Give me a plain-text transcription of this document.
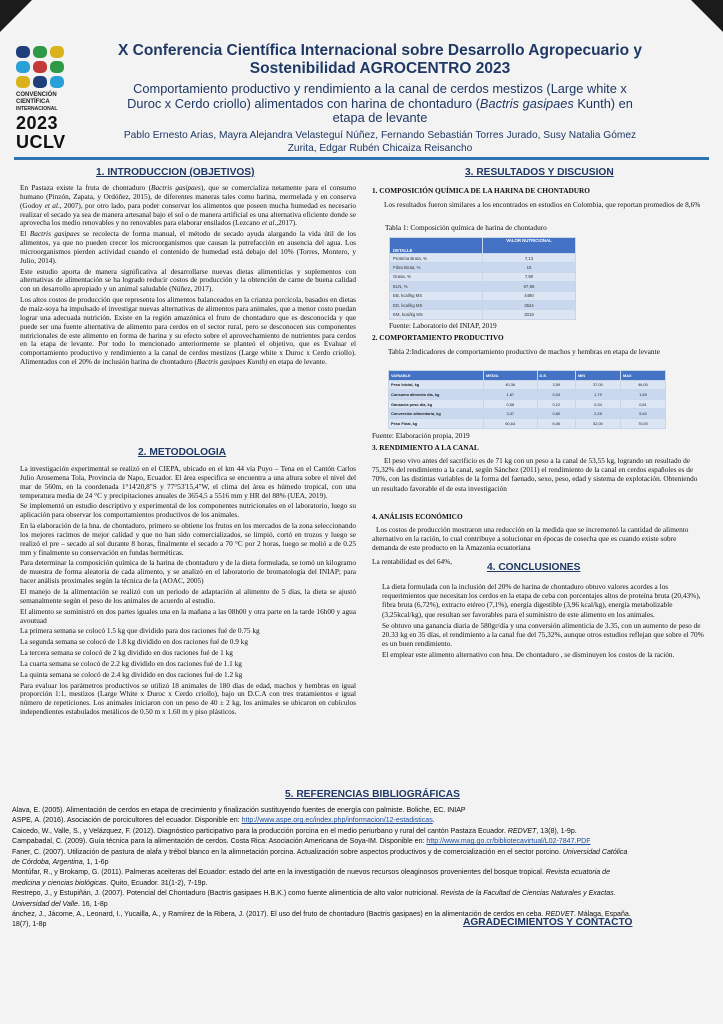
CONVENCIÓN
CIENTÍFICA
INTERNACIONAL
2023
UCLV
X Conferencia Científica Internacional sobre Desarrollo Agropecuario y
Sostenibilidad AGROCENTRO 2023
Comportamiento productivo y rendimiento a la canal de cerdos mestizos (Large white x
Duroc x Cerdo criollo) alimentados con harina de chontaduro (Bactris gasipaes Kunth) en
etapa de levante
Pablo Ernesto Arias, Mayra Alejandra Velasteguí Núñez, Fernando Sebastián Torres Jurado, Susy Natalia Gómez
Zurita, Edgar Rubén Chicaiza Reisancho
1. INTRODUCCION (OBJETIVOS)

En Pastaza existe la fruta de chontaduro (Bactris gasipaes), que se comercializa netamente para el consumo humano (Pinzón, Zapata, y Ordóñez, 2015), de diferentes maneras tales como harina, mermelada y en conserva (Godoy et al., 2007), por otro lado, para poder conservar los alimentos que poseen mucha humedad es necesario realizar el secado ya sea de manera artesanal bajo el sol o de manera artificial es una alternativa eficiente donde se aprovecha los medio renovables y no renovables para elaborar ensilados (Lezcano et al.,2017).

El Bactris gasipaes se recolecta de forma manual, el método de secado ayuda alargando la vida útil de los alimentos, ya que no pueden crecer los microorganismos que causan la putrefacción en ausencia del agua. Los microorganismos pierden actividad cuando el contenido de humedad está debajo del 10% (Torres, Montero, y Julio, 2014).

Este estudio aporta de manera significativa al desarrollarse nuevas dietas alimenticias y suplementos con alternativas de alimentación se ha logrado reducir costos de producción y la obtención de carne de buena calidad con un desarrollo apropiado y un animal saludable (Núñez, 2017).

Los altos costos de producción que representa los alimentos balanceados en la crianza porcícola, basados en dietas de maíz-soya ha impulsado el investigar nuevas alternativas de alimentos para animales, que a menor costo puedan lograr una adecuada nutrición. Existe en la región amazónica el fruto de chontaduro que es desconocida y que puede ser una fuente alternativa de alimento para cerdos en el sector rural, pero se desconocen sus componentes nutricionales de este alimento en forma de harina y su efecto sobre el aprovechamiento de nutrientes para cerdos en la etapa de levante. Por todo lo mencionado anteriormente se planteó el objetivo, que es Evaluar el comportamiento productivo y rendimiento a la canal de cerdos mestizos (Large white x Duroc x Cerdo criollo). Alimentados con el 20% de inclusión harina de chontaduro (Bactris gasipaes Kunth) en etapa de levante.

2. METODOLOGIA

La investigación experimental se realizó en el CIEPA, ubicado en el km 44 vía Puyo – Tena en el Cantón Carlos Julio Arosemena Tola, Provincia de Napo, Ecuador. El área especifica se encuentra a una altura sobre el nivel del mar de 560m, en la coordenada 1°14'20,8"S y 77°53'15,4"W, el clima del área es húmedo tropical, con una temperatura media de 24 °C y precipitaciones anuales de 3654,5 a 5516 mm y HR del 88% (UEA, 2019).

Se implementó un estudio descriptivo y experimental de los componentes nutricionales en el laboratorio, luego su aplicación para observar los comportamientos productivos de los animales.

En la elaboración de la hna. de chontaduro, primero se obtiene los frutos en los mercados de la zona seleccionando los mejores racimos de mejor calidad y que no han sido comercializados, se limpió, cortó en trozos y luego se realizó el pre – secado al sol durante 8 horas, finalmente el secado a 70 °C por 2 horas, luego se molió a de 0.25 mm y finalmente su conservación en fundas herméticas.

Para determinar la composición química de la harina de chontaduro y de la dieta formulada, se tomó un kilogramo de muestra de forma aleatoria de cada alimento, y se analizó en el laboratorio de bromatología del INIAP; para hacer análisis proximales según la técnica de la (AOAC, 2005)

El manejo de la alimentación se realizó con un periodo de adaptación al alimento de 5 días, la dieta se ajustó semanalmente según el peso de los animales de acuerdo al estudio.

El alimento se suministró en dos partes iguales una en la mañana a las 08h00 y otra parte en la tarde 16h00 y agua avoutuad

La primera semana se colocó 1.5 kg que dividido para dos raciones fué de 0.75 kg

La segunda semana se colocó de 1.8 kg dividido en dos raciones fué de 0.9 kg

La tercera semana se colocó de 2 kg dividido en dos raciones fué de 1 kg

La cuarta semana se colocó de 2.2 kg dividido en dos raciones fué de 1.1 kg

La quinta semana se colocó de 2.4 kg dividido en dos raciones fué de 1.2 kg

Para evaluar los parámetros productivos se utilizó 18 animales de 180 días de edad, machos y hembras en igual proporción 1:1, mestizos (Large White x Duroc x Cerdo criollo), bajo un D.C.A con tres tratamientos e igual número de repeticiones. Los animales iniciaron con un peso de 40 ± 2 kg, los animales se ubicaron en cubículos independientes estabulados metálicos de 0.50 m x 1.60 m y piso plásticos.

3. RESULTADOS Y DISCUSION
1. COMPOSICIÓN QUÍMICA DE LA HARINA DE CHONTADURO
Los resultados fueron similares a los encontrados en estudios en Colombia, que reportan promedios de 8,6%
Tabla 1: Composición química de harina de chontaduro
DETALLE	VALOR NUTRICIONAL
Proteína Bruta, %	7,13
Fibra Bruta, %	10
Grasa, %	7,90
ELN, %	67,95
EB, kcal/kg MS	4480
ED, kcal/kg MS	3524
EM, kcal/kg MS	3019
Fuente: Laboratorio del INIAP, 2019
2. COMPORTAMIENTO PRODUCTIVO
Tabla 2:Indicadores de comportamiento productivo de machos y hembras en etapa de levante
VARIABLE	MEDIA	D.E.	MIN	MAX
Peso Inicial, kg	40,36	3,59	37,00	46,00
Consumo alimento día, kg	1,87	0,03	1,79	1,89
Ganancia peso día, kg	0,58	0,12	0,34	0,81
Conversión alimentaria, kg	3,37	0,80	2,28	5,40
Peso Final, kg	60,64	6,06	52,00	70,00
Fuente: Elaboración propia, 2019
3. RENDIMIENTO A LA CANAL
El peso vivo antes del sacrificio es de 71 kg con un peso a la canal de 53,55 kg, logrando un resultado de 75,32% del rendimiento a la canal, según Sánchez (2011) el rendimiento de la canal en cerdos españoles es de 70%, con las distintas variables de la forma del faenado, sexo, peso, edad y sistema de explotación. Obteniendo un resultado favorable el de esta investigación
4. ANÁLISIS ECONÓMICO
Los costos de producción mostraron una reducción en la medida que se incrementó la cantidad de alimento alternativo en la ración, lo cual contribuye a solucionar en épocas de cosecha que es cuando existe sobre demanda de este producto en la Amazonia ecuatoriana
La rentabilidad es del 64%,
4. CONCLUSIONES
La dieta formulada con la inclusión del 20% de harina de chontaduro obtuvo valores acordes a los requerimientos que necesitan los cerdos en la etapa de ceba con porcentajes altos de proteína bruta (20,43%), fibra bruta (6,72%), extracto etéreo (7,1%), energía digestible (3,96 kcal/kg), energía metabolizable (3,25kcal/kg), que resultan ser favorables para el suministro de este alimento en los animales.
Se obtuvo una ganancia diaria de 580gr/día y una conversión alimenticia de 3.35, con un aumento de peso de 20.33 kg en 35 días, el rendimiento a la canal fue del 75,32%, aunque otros estudios reflejan que sobre el 70% es un buen rendimiento.
El emplear este alimento alternativo con hna. De chontaduro , se disminuyen los costos de la ración.
5. REFERENCIAS BIBLIOGRÁFICAS
Alava, E. (2005). Alimentación de cerdos en etapa de crecimiento y finalización sustituyendo fuentes de energía con palmiste. Boliche, EC. INIAP
ASPE, A. (2016). Asociación de porcicultores del ecuador. Disponible en: http://www.aspe.org.ec/index.php/informacion/12-estadisticas.
Caicedo, W., Valle, S., y Velázquez, F. (2012). Diagnóstico participativo para la producción porcina en el medio periurbano y rural del cantón Pastaza Ecuador. REDVET, 13(8), 1-9p.
Campabadal, C. (2009). Guía técnica para la alimentación de cerdos. Costa Rica: Asociación Americana de Soya-IM. Disponible en: http://www.mag.go.cr/bibliotecavirtual/L02-7847.PDF
Faner, C. (2007). Utilización de pastura de alafa y trébol blanco en la alimnetación porcina. Actualización sobre aspectos productivos y de comercialización en el sector porcino. Universidad Católica
de Córdoba, Argentina, 1, 1-6p
Montúfar, R., y Brokamp, G. (2011). Palmeras aceiteras del Ecuador: estado del arte en la investigación de nuevos recursos oleaginosos provenientes del bosque tropical. Revista ecuatoria de
medicina y ciencias biológicas. Quito, Ecuador. 31(1-2), 7-19p.
Restrepo, J., y Estupiñán, J. (2007). Potencial del Chontaduro (Bactris gasipaes H.B.K.) como fuente alimenticia de alto valor nutricional. Revista de la Facultad de Ciencias Naturales y Exactas.
Universidad del Valle. 16, 1-8p
ánchez, J., Jácome, A., Leonard, I., Yucailla, A., y Ramírez de la Ribera, J. (2017). El uso del fruto de chontaduro (Bactris gasipaes) en la alimentación de cerdos en ceba. REDVET. Málaga, España.
18(7), 1-8p	AGRADECIMIENTOS Y CONTACTO
